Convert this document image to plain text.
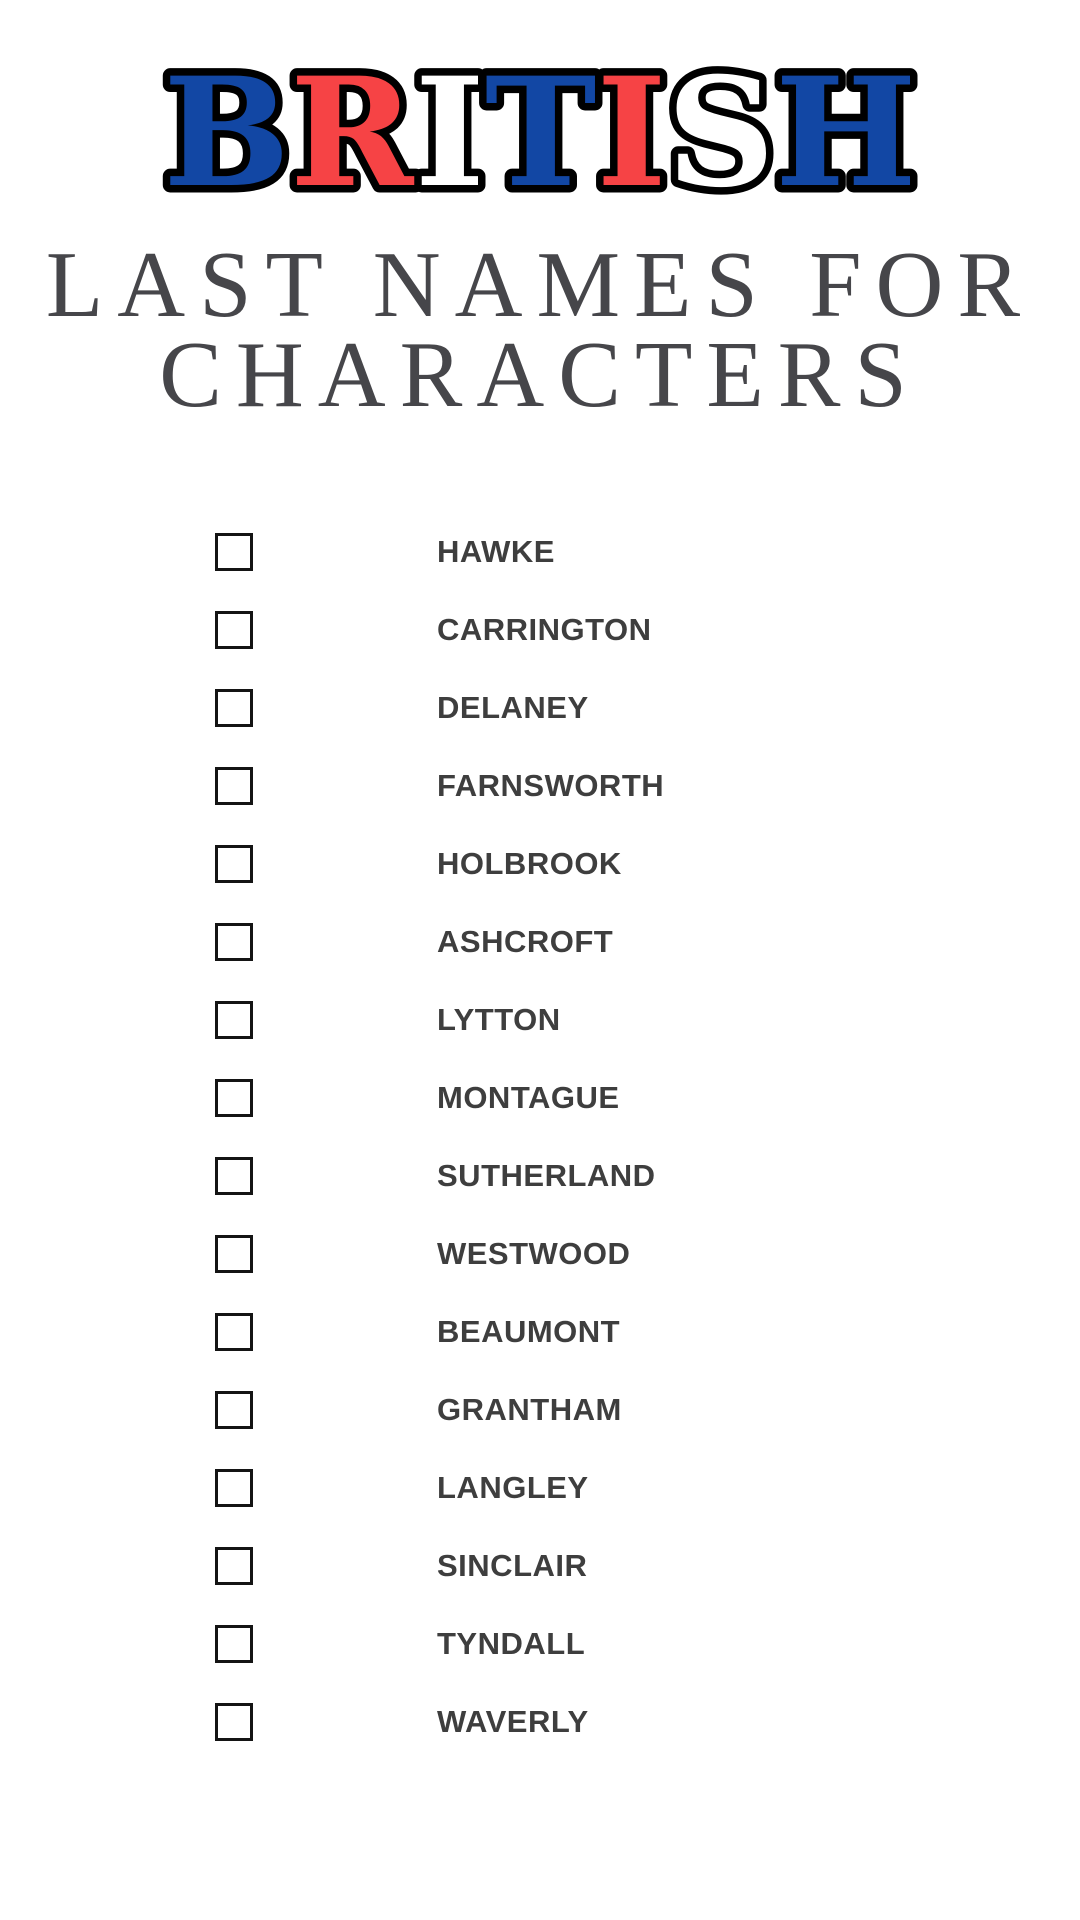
BRITISH
LAST NAMES FOR
CHARACTERS
HAWKE
CARRINGTON
DELANEY
FARNSWORTH
HOLBROOK
ASHCROFT
LYTTON
MONTAGUE
SUTHERLAND
WESTWOOD
BEAUMONT
GRANTHAM
LANGLEY
SINCLAIR
TYNDALL
WAVERLY
